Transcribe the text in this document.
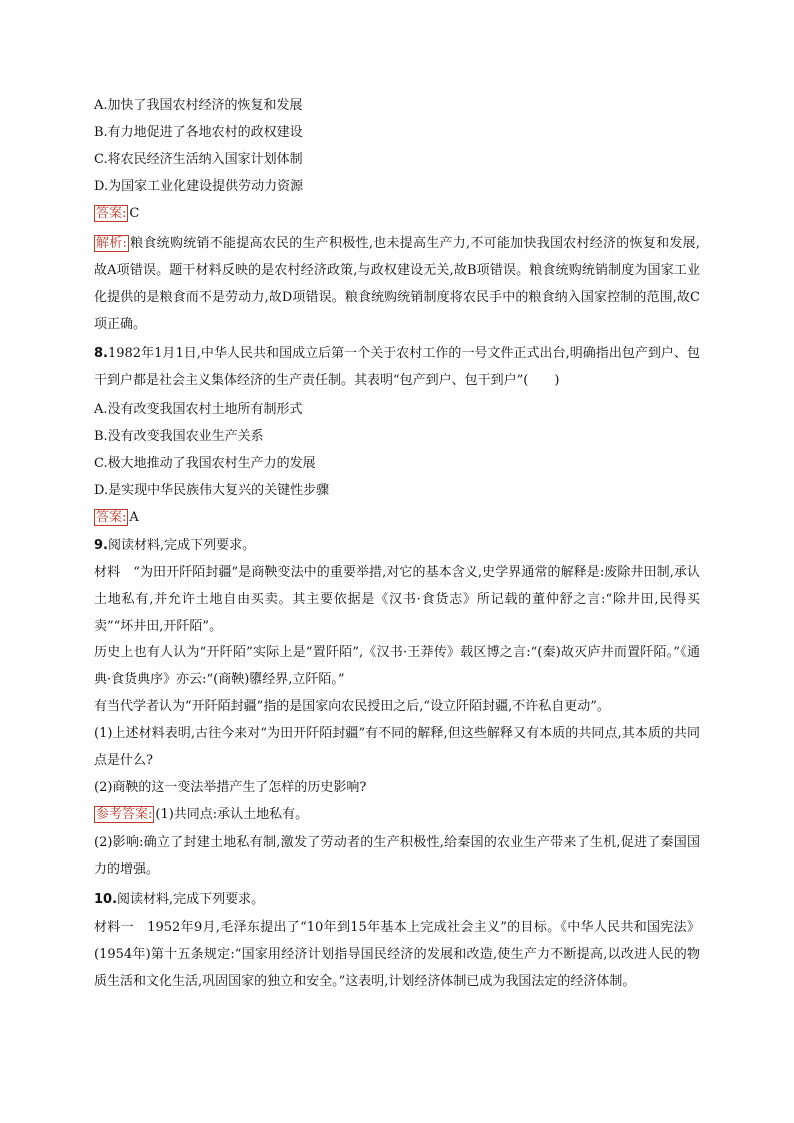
A.加快了我国农村经济的恢复和发展
B.有力地促进了各地农村的政权建设
C.将农民经济生活纳入国家计划体制
D.为国家工业化建设提供劳动力资源
答案: C
解析: 粮食统购统销不能提高农民的生产积极性,也未提高生产力,不可能加快我国农村经济的恢复和发展,故A项错误。题干材料反映的是农村经济政策,与政权建设无关,故B项错误。粮食统购统销制度为国家工业化提供的是粮食而不是劳动力,故D项错误。粮食统购统销制度将农民手中的粮食纳入国家控制的范围,故C项正确。
8.1982年1月1日,中华人民共和国成立后第一个关于农村工作的一号文件正式出台,明确指出包产到户、包干到户都是社会主义集体经济的生产责任制。其表明“包产到户、包干到户”(　　)
A.没有改变我国农村土地所有制形式
B.没有改变我国农业生产关系
C.极大地推动了我国农村生产力的发展
D.是实现中华民族伟大复兴的关键性步骤
答案: A
9.阅读材料,完成下列要求。
材料　“为田开阡陌封疆”是商鞅变法中的重要举措,对它的基本含义,史学界通常的解释是:废除井田制,承认土地私有,并允许土地自由买卖。其主要依据是《汉书·食货志》所记载的董仲舒之言:“除井田,民得买卖”“坏井田,开阡陌”。
历史上也有人认为“开阡陌”实际上是“置阡陌”,《汉书·王莽传》载区博之言:“(秦)故灭庐井而置阡陌。”《通典·食货典序》亦云:“(商鞅)隳经界,立阡陌。”
有当代学者认为“开阡陌封疆”指的是国家向农民授田之后,“设立阡陌封疆,不许私自更动”。
(1)上述材料表明,古往今来对“为田开阡陌封疆”有不同的解释,但这些解释又有本质的共同点,其本质的共同点是什么?
(2)商鞅的这一变法举措产生了怎样的历史影响?
参考答案: (1)共同点:承认土地私有。
(2)影响:确立了封建土地私有制,激发了劳动者的生产积极性,给秦国的农业生产带来了生机,促进了秦国国力的增强。
10.阅读材料,完成下列要求。
材料一　1952年9月,毛泽东提出了“10年到15年基本上完成社会主义”的目标。《中华人民共和国宪法》(1954年)第十五条规定:“国家用经济计划指导国民经济的发展和改造,使生产力不断提高,以改进人民的物质生活和文化生活,巩固国家的独立和安全。”这表明,计划经济体制已成为我国法定的经济体制。
